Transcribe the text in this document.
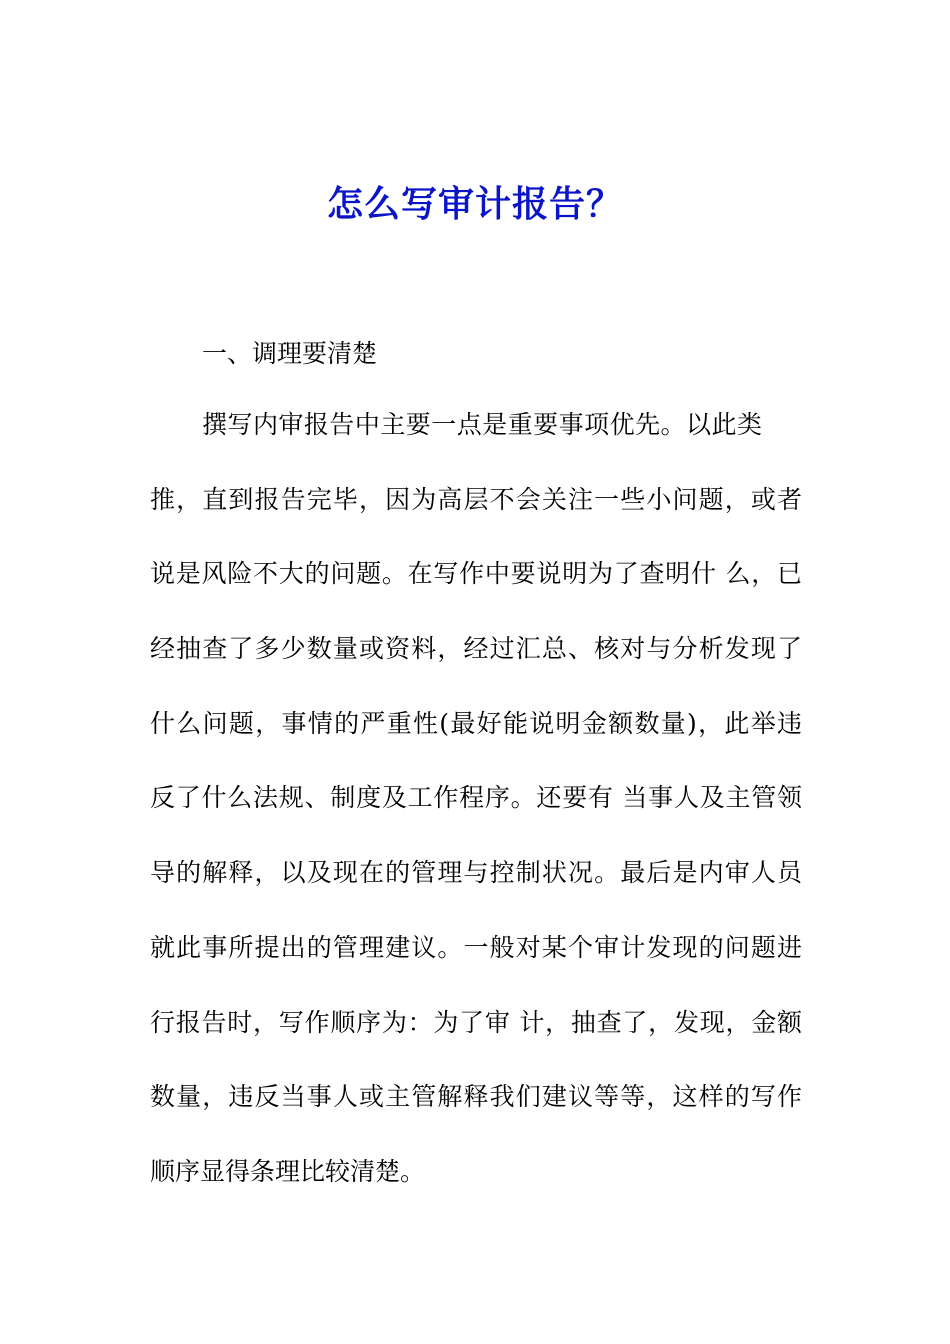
怎么写审计报告？
一、调理要清楚
撰写内审报告中主要一点是重要事项优先。以此类
推，直到报告完毕，因为高层不会关注一些小问题，或者
说是风险不大的问题。在写作中要说明为了查明什 么，已
经抽查了多少数量或资料，经过汇总、核对与分析发现了
什么问题，事情的严重性(最好能说明金额数量)，此举违
反了什么法规、制度及工作程序。还要有 当事人及主管领
导的解释，以及现在的管理与控制状况。最后是内审人员
就此事所提出的管理建议。一般对某个审计发现的问题进
行报告时，写作顺序为：为了审 计，抽查了，发现，金额
数量，违反当事人或主管解释我们建议等等，这样的写作
顺序显得条理比较清楚。
